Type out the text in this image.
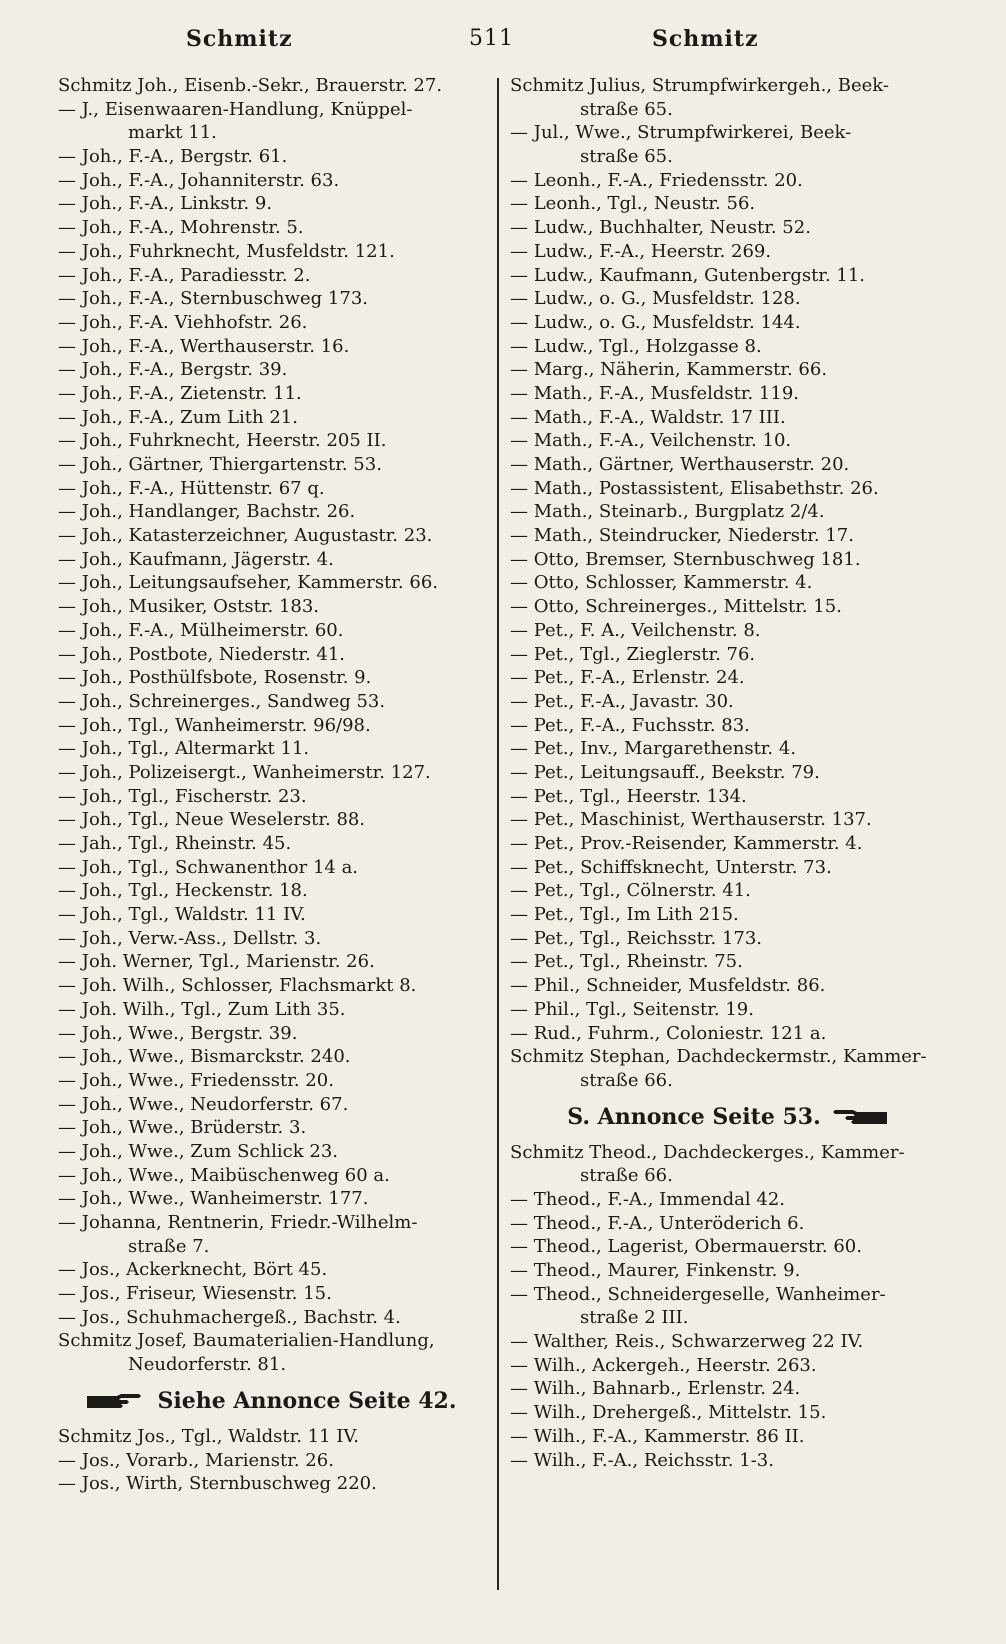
Schmitz	511	Schmitz
Schmitz Joh., Eisenb.-Sekr., Brauerstr. 27.
— J., Eisenwaaren-Handlung, Knüppel-
markt 11.
— Joh., F.-A., Bergstr. 61.
— Joh., F.-A., Johanniterstr. 63.
— Joh., F.-A., Linkstr. 9.
— Joh., F.-A., Mohrenstr. 5.
— Joh., Fuhrknecht, Musfeldstr. 121.
— Joh., F.-A., Paradiesstr. 2.
— Joh., F.-A., Sternbuschweg 173.
— Joh., F.-A. Viehhofstr. 26.
— Joh., F.-A., Werthauserstr. 16.
— Joh., F.-A., Bergstr. 39.
— Joh., F.-A., Zietenstr. 11.
— Joh., F.-A., Zum Lith 21.
— Joh., Fuhrknecht, Heerstr. 205 II.
— Joh., Gärtner, Thiergartenstr. 53.
— Joh., F.-A., Hüttenstr. 67 q.
— Joh., Handlanger, Bachstr. 26.
— Joh., Katasterzeichner, Augustastr. 23.
— Joh., Kaufmann, Jägerstr. 4.
— Joh., Leitungsaufseher, Kammerstr. 66.
— Joh., Musiker, Oststr. 183.
— Joh., F.-A., Mülheimerstr. 60.
— Joh., Postbote, Niederstr. 41.
— Joh., Posthülfsbote, Rosenstr. 9.
— Joh., Schreinerges., Sandweg 53.
— Joh., Tgl., Wanheimerstr. 96/98.
— Joh., Tgl., Altermarkt 11.
— Joh., Polizeisergt., Wanheimerstr. 127.
— Joh., Tgl., Fischerstr. 23.
— Joh., Tgl., Neue Weselerstr. 88.
— Jah., Tgl., Rheinstr. 45.
— Joh., Tgl., Schwanenthor 14 a.
— Joh., Tgl., Heckenstr. 18.
— Joh., Tgl., Waldstr. 11 IV.
— Joh., Verw.-Ass., Dellstr. 3.
— Joh. Werner, Tgl., Marienstr. 26.
— Joh. Wilh., Schlosser, Flachsmarkt 8.
— Joh. Wilh., Tgl., Zum Lith 35.
— Joh., Wwe., Bergstr. 39.
— Joh., Wwe., Bismarckstr. 240.
— Joh., Wwe., Friedensstr. 20.
— Joh., Wwe., Neudorferstr. 67.
— Joh., Wwe., Brüderstr. 3.
— Joh., Wwe., Zum Schlick 23.
— Joh., Wwe., Maibüschenweg 60 a.
— Joh., Wwe., Wanheimerstr. 177.
— Johanna, Rentnerin, Friedr.-Wilhelm-
straße 7.
— Jos., Ackerknecht, Bört 45.
— Jos., Friseur, Wiesenstr. 15.
— Jos., Schuhmachergeß., Bachstr. 4.
Schmitz Josef, Baumaterialien-Handlung,
Neudorferstr. 81.
Siehe Annonce Seite 42.
Schmitz Jos., Tgl., Waldstr. 11 IV.
— Jos., Vorarb., Marienstr. 26.
— Jos., Wirth, Sternbuschweg 220.
Schmitz Julius, Strumpfwirkergeh., Beek-
straße 65.
— Jul., Wwe., Strumpfwirkerei, Beek-
straße 65.
— Leonh., F.-A., Friedensstr. 20.
— Leonh., Tgl., Neustr. 56.
— Ludw., Buchhalter, Neustr. 52.
— Ludw., F.-A., Heerstr. 269.
— Ludw., Kaufmann, Gutenbergstr. 11.
— Ludw., o. G., Musfeldstr. 128.
— Ludw., o. G., Musfeldstr. 144.
— Ludw., Tgl., Holzgasse 8.
— Marg., Näherin, Kammerstr. 66.
— Math., F.-A., Musfeldstr. 119.
— Math., F.-A., Waldstr. 17 III.
— Math., F.-A., Veilchenstr. 10.
— Math., Gärtner, Werthauserstr. 20.
— Math., Postassistent, Elisabethstr. 26.
— Math., Steinarb., Burgplatz 2/4.
— Math., Steindrucker, Niederstr. 17.
— Otto, Bremser, Sternbuschweg 181.
— Otto, Schlosser, Kammerstr. 4.
— Otto, Schreinerges., Mittelstr. 15.
— Pet., F. A., Veilchenstr. 8.
— Pet., Tgl., Zieglerstr. 76.
— Pet., F.-A., Erlenstr. 24.
— Pet., F.-A., Javastr. 30.
— Pet., F.-A., Fuchsstr. 83.
— Pet., Inv., Margarethenstr. 4.
— Pet., Leitungsauff., Beekstr. 79.
— Pet., Tgl., Heerstr. 134.
— Pet., Maschinist, Werthauserstr. 137.
— Pet., Prov.-Reisender, Kammerstr. 4.
— Pet., Schiffsknecht, Unterstr. 73.
— Pet., Tgl., Cölnerstr. 41.
— Pet., Tgl., Im Lith 215.
— Pet., Tgl., Reichsstr. 173.
— Pet., Tgl., Rheinstr. 75.
— Phil., Schneider, Musfeldstr. 86.
— Phil., Tgl., Seitenstr. 19.
— Rud., Fuhrm., Coloniestr. 121 a.
Schmitz Stephan, Dachdeckermstr., Kammer-
straße 66.
S. Annonce Seite 53.
Schmitz Theod., Dachdeckerges., Kammer-
straße 66.
— Theod., F.-A., Immendal 42.
— Theod., F.-A., Unteröderich 6.
— Theod., Lagerist, Obermauerstr. 60.
— Theod., Maurer, Finkenstr. 9.
— Theod., Schneidergeselle, Wanheimer-
straße 2 III.
— Walther, Reis., Schwarzerweg 22 IV.
— Wilh., Ackergeh., Heerstr. 263.
— Wilh., Bahnarb., Erlenstr. 24.
— Wilh., Drehergeß., Mittelstr. 15.
— Wilh., F.-A., Kammerstr. 86 II.
— Wilh., F.-A., Reichsstr. 1-3.
